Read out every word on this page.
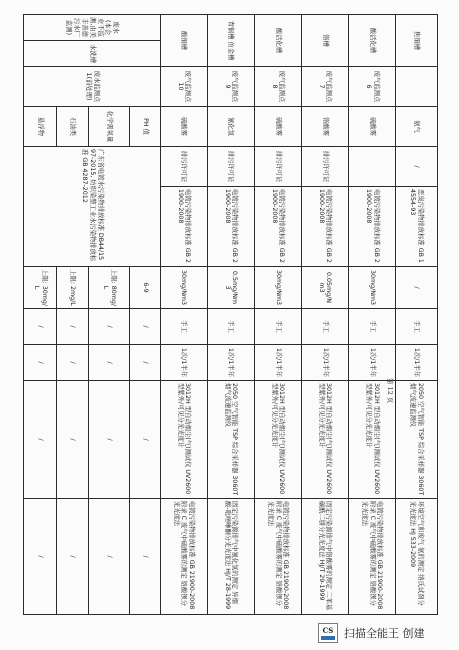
焦铜槽			氨气	/	恶臭污染物排放标准 GB 14554-93	/	手工	1次/1半年	2050 空气智能 TSP 综合采样器 3060T 烟气流速监测仪	环境空气和废气 氨的测定 纳氏试剂分光光度法 HJ 533-2009
酸活化槽		废气监测点 6	硫酸雾		电镀污染物排放标准 GB 21900-2008	30mg/Nm3	手工	1次/1半年	3012H 型自动烟尘(气)测试仪 UV2600 型紫外/可见分光光度计	电镀污染物排放标准 GB 21900-2008 附录 C 废气中硫酸雾的测定 铬酸钡分光光度法
铬槽		废气监测点 7	铬酸雾	排污许可证	电镀污染物排放标准 GB 21900-2008	0.05mg/Nm3	手工	1次/1半年	3012H 型自动烟尘(气)测试仪 UV2600 型紫外/可见分光光度计	固定污染源排气中铬酸雾的测定 二苯基碳酰二肼分光光度法 HJ/T 29-1999
酸活化槽		废气监测点 8	硫酸雾	排污许可证	电镀污染物排放标准 GB 21900-2008	30mg/Nm3	手工	1次/1半年	3012H 型自动烟尘(气)测试仪 UV2600 型紫外/可见分光光度计	电镀污染物排放标准 GB 21900-2008 附录 C 废气中硫酸雾的测定 铬酸钡分光光度法
青铜槽 仿金槽		废气监测点 9	氰化氢	排污许可证	电镀污染物排放标准 GB 21900-2008	0.5mg/Nm3	手工	1次/1半年	2050 空气智能 TSP 综合采样器 3060T 烟气流速监测仪	固定污染源排气中氰化氢的测定 异烟酸-吡唑啉酮分光光度法 HJ/T 28-1999
酸铜槽		废气监测点 10	硫酸雾	排污许可证	电镀污染物排放标准 GB 21900-2008	30mg/Nm3	手工	1次/1半年	3012H 型自动烟尘(气)测试仪 UV2600 型紫外/可见分光光度计	电镀污染物排放标准 GB 21900-2008 附录 C 废气中硫酸雾的测定 铬酸钡分光光度法
废水(本企业不监测,由美丰善德污水厂监测)	水洗槽	废水监测点 1(前处理)	PH 值	广东省电镀水污染物排放标准 DB44/1597-2015, 纺织染整工业水污染物排放标准 GB 4287-2012		6-9	/	/	/	/
			化学需氧量			上限: 80mg/L	/	/	/	/
			石油类			上限: 2mg/L	/	/	/	/
			悬浮物			上限: 30mg/L	/	/	/	/
第 12 页
CS 扫描全能王 创建
